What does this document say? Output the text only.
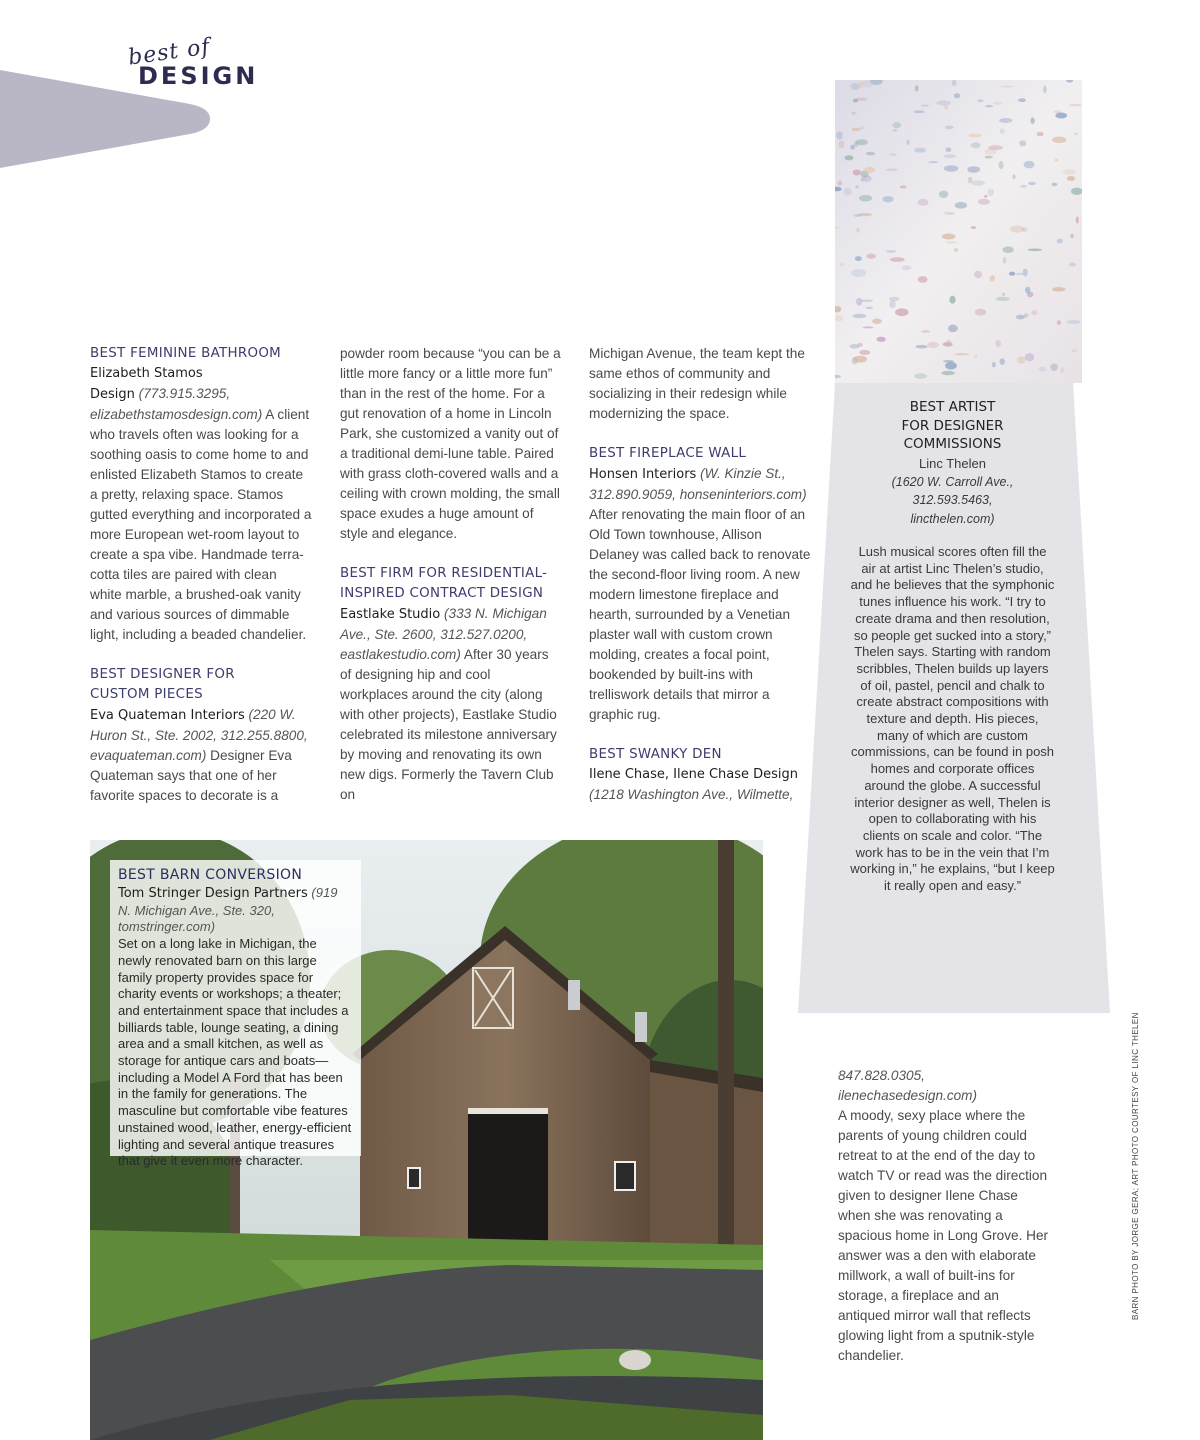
best of
DESIGN
BEST FEMININE BATHROOM

Elizabeth Stamos
Design (773.915.3295, elizabethstamosdesign.com) A client who travels often was looking for a soothing oasis to come home to and enlisted Elizabeth Stamos to create a pretty, relaxing space. Stamos gutted everything and incorporated a more European wet-room layout to create a spa vibe. Handmade terra-cotta tiles are paired with clean white marble, a brushed-oak vanity and various sources of dimmable light, including a beaded chandelier.

BEST DESIGNER FOR
CUSTOM PIECES

Eva Quateman Interiors (220 W. Huron St., Ste. 2002, 312.255.8800, evaquateman.com) Designer Eva Quateman says that one of her favorite spaces to decorate is a

powder room because “you can be a little more fancy or a little more fun” than in the rest of the home. For a gut renovation of a home in Lincoln Park, she customized a vanity out of a traditional demi-lune table. Paired with grass cloth-covered walls and a ceiling with crown molding, the small space exudes a huge amount of style and elegance.

BEST FIRM FOR RESIDENTIAL-
INSPIRED CONTRACT DESIGN

Eastlake Studio (333 N. Michigan Ave., Ste. 2600, 312.527.0200, eastlakestudio.com) After 30 years of designing hip and cool workplaces around the city (along with other projects), Eastlake Studio celebrated its milestone anniversary by moving and renovating its own new digs. Formerly the Tavern Club on

Michigan Avenue, the team kept the same ethos of community and socializing in their redesign while modernizing the space.

BEST FIREPLACE WALL

Honsen Interiors (W. Kinzie St., 312.890.9059, honseninteriors.com) After renovating the main floor of an Old Town townhouse, Allison Delaney was called back to renovate the second-floor living room. A new modern limestone fireplace and hearth, surrounded by a Venetian plaster wall with custom crown molding, creates a focal point, bookended by built-ins with trelliswork details that mirror a graphic rug.

BEST SWANKY DEN

Ilene Chase, Ilene Chase Design
(1218 Washington Ave., Wilmette,

BEST ARTIST
FOR DESIGNER
COMMISSIONS
Linc Thelen
(1620 W. Carroll Ave.,
312.593.5463,
lincthelen.com)
Lush musical scores often fill the air at artist Linc Thelen’s studio, and he believes that the symphonic tunes influence his work. “I try to create drama and then resolution, so people get sucked into a story,” Thelen says. Starting with random scribbles, Thelen builds up layers of oil, pastel, pencil and chalk to create abstract compositions with texture and depth. His pieces, many of which are custom commissions, can be found in posh homes and corporate offices around the globe. A successful interior designer as well, Thelen is open to collaborating with his clients on scale and color. “The work has to be in the vein that I’m working in,” he explains, “but I keep it really open and easy.”
BEST BARN CONVERSION
Tom Stringer Design Partners (919 N. Michigan Ave., Ste. 320, tomstringer.com)
Set on a long lake in Michigan, the newly renovated barn on this large family property provides space for charity events or workshops; a theater; and entertainment space that includes a billiards table, lounge seating, a dining area and a small kitchen, as well as storage for antique cars and boats—including a Model A Ford that has been in the family for generations. The masculine but comfortable vibe features unstained wood, leather, energy-efficient lighting and several antique treasures that give it even more character.
847.828.0305, ilenechasedesign.com)
A moody, sexy place where the parents of young children could retreat to at the end of the day to watch TV or read was the direction given to designer Ilene Chase when she was renovating a spacious home in Long Grove. Her answer was a den with elaborate millwork, a wall of built-ins for storage, a fireplace and an antiqued mirror wall that reflects glowing light from a sputnik-style chandelier.
BARN PHOTO BY JORGE GERA; ART PHOTO COURTESY OF LINC THELEN
